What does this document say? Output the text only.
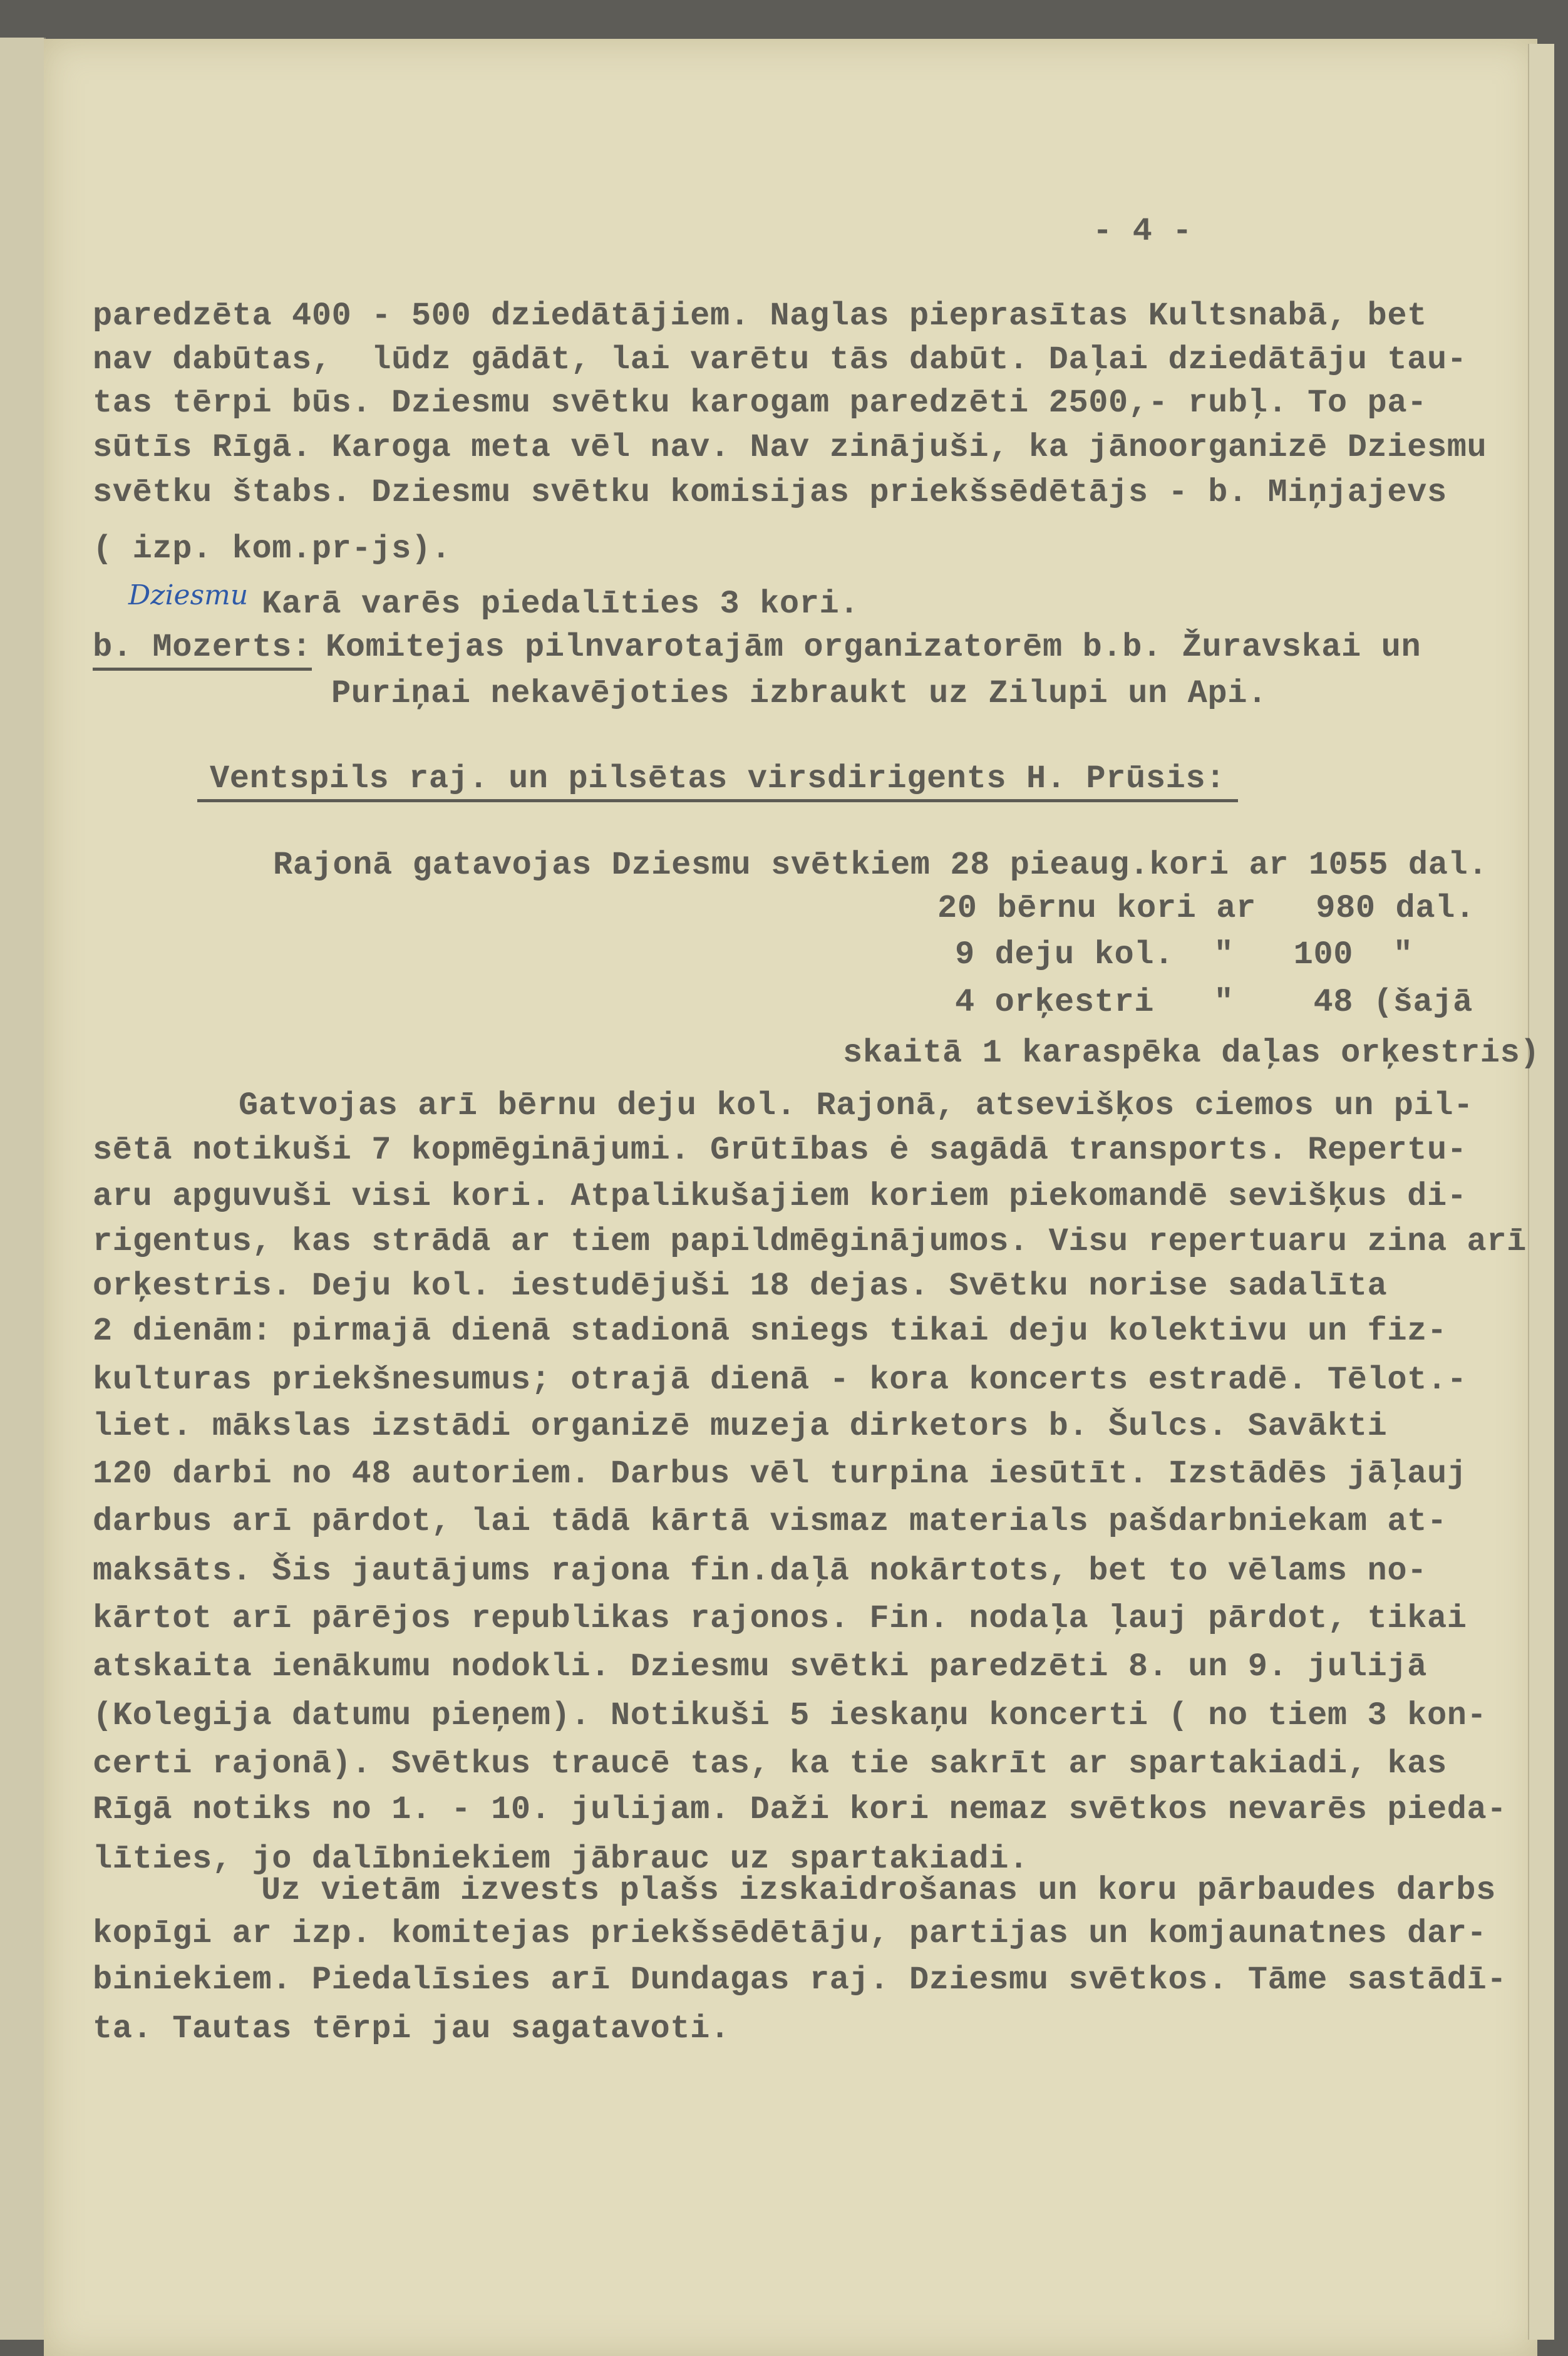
- 4 -
paredzēta 400 - 500 dziedātājiem. Naglas pieprasītas Kultsnabā, bet
nav dabūtas,  lūdz gādāt, lai varētu tās dabūt. Daļai dziedātāju tau-
tas tērpi būs. Dziesmu svētku karogam paredzēti 2500,- rubļ. To pa-
sūtīs Rīgā. Karoga meta vēl nav. Nav zinājuši, ka jānoorganizē Dziesmu
svētku štabs. Dziesmu svētku komisijas priekšsēdētājs - b. Miņjajevs
( izp. kom.pr-js).
Dziesmu Karā varēs piedalīties 3 kori.
b. Mozerts: Komitejas pilnvarotajām organizatorēm b.b. Žuravskai un
Puriņai nekavējoties izbraukt uz Zilupi un Api.
Ventspils raj. un pilsētas virsdirigents H. Prūsis:
Rajonā gatavojas Dziesmu svētkiem 28 pieaug.kori ar 1055 dal.
20 bērnu kori ar   980 dal.
9 deju kol.  "   100  "
4 orķestri   "    48 (šajā
skaitā 1 karaspēka daļas orķestris)
Gatvojas arī bērnu deju kol. Rajonā, atsevišķos ciemos un pil-
sētā notikuši 7 kopmēginājumi. Grūtības ė sagādā transports. Repertu-
aru apguvuši visi kori. Atpalikušajiem koriem piekomandē sevišķus di-
rigentus, kas strādā ar tiem papildmēginājumos. Visu repertuaru zina arī
orķestris. Deju kol. iestudējuši 18 dejas. Svētku norise sadalīta
2 dienām: pirmajā dienā stadionā sniegs tikai deju kolektivu un fiz-
kulturas priekšnesumus; otrajā dienā - kora koncerts estradē. Tēlot.-
liet. mākslas izstādi organizē muzeja dirketors b. Šulcs. Savākti
120 darbi no 48 autoriem. Darbus vēl turpina iesūtīt. Izstādēs jāļauj
darbus arī pārdot, lai tādā kārtā vismaz materials pašdarbniekam at-
maksāts. Šis jautājums rajona fin.daļā nokārtots, bet to vēlams no-
kārtot arī pārējos republikas rajonos. Fin. nodaļa ļauj pārdot, tikai
atskaita ienākumu nodokli. Dziesmu svētki paredzēti 8. un 9. julijā
(Kolegija datumu pieņem). Notikuši 5 ieskaņu koncerti ( no tiem 3 kon-
certi rajonā). Svētkus traucē tas, ka tie sakrīt ar spartakiadi, kas
Rīgā notiks no 1. - 10. julijam. Daži kori nemaz svētkos nevarēs pieda-
līties, jo dalībniekiem jābrauc uz spartakiadi.
Uz vietām izvests plašs izskaidrošanas un koru pārbaudes darbs
kopīgi ar izp. komitejas priekšsēdētāju, partijas un komjaunatnes dar-
biniekiem. Piedalīsies arī Dundagas raj. Dziesmu svētkos. Tāme sastādī-
ta. Tautas tērpi jau sagatavoti.
